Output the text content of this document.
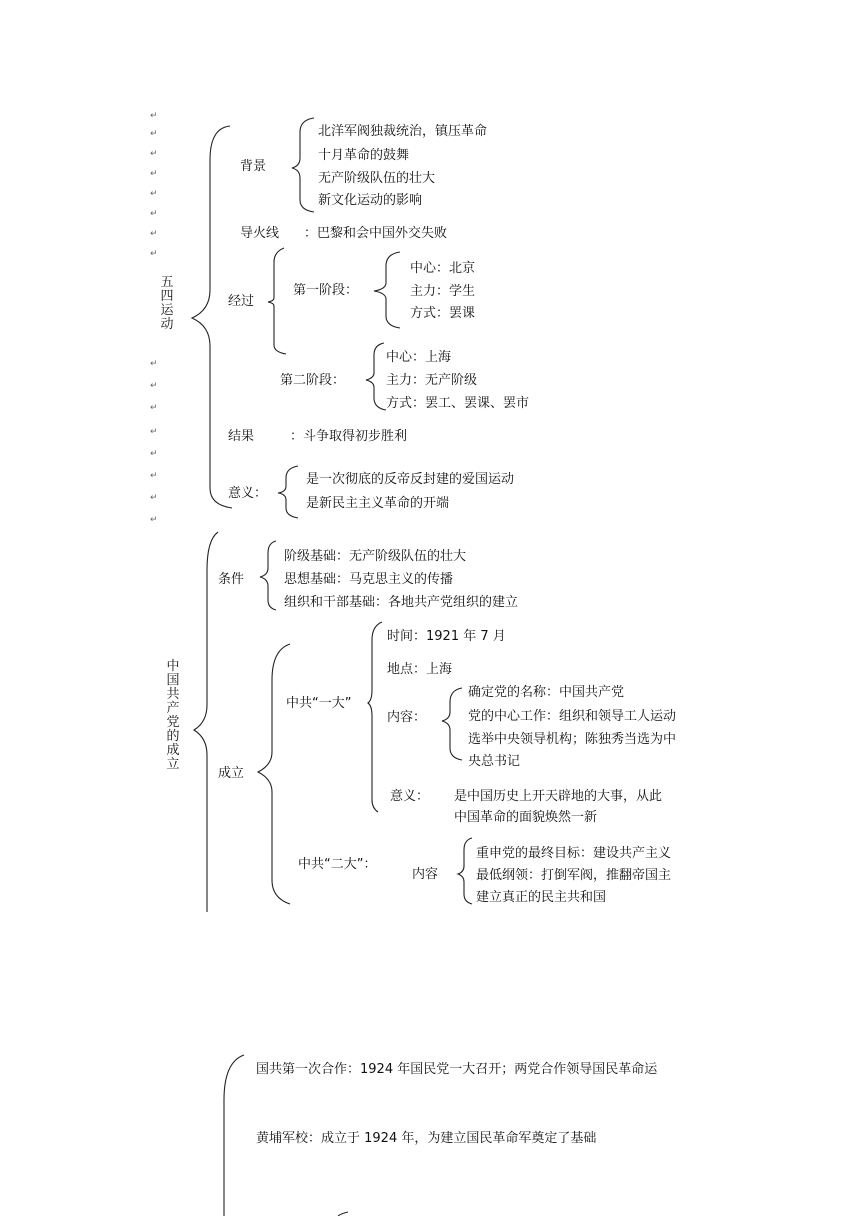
↵
↵
↵
↵
↵
↵
↵
↵
↵
↵
↵
↵
↵
↵
↵
↵
五四运动
背景
北洋军阀独裁统治，镇压革命
十月革命的鼓舞
无产阶级队伍的壮大
新文化运动的影响
导火线 ：巴黎和会中国外交失败
经过
第一阶段：
中心：北京
主力：学生
方式：罢课
第二阶段：
中心：上海
主力：无产阶级
方式：罢工、罢课、罢市
结果	：斗争取得初步胜利
意义：
是一次彻底的反帝反封建的爱国运动
是新民主主义革命的开端
中国共产党的成立
条件
阶级基础：无产阶级队伍的壮大
思想基础：马克思主义的传播
组织和干部基础：各地共产党组织的建立
成立
中共“一大”
时间：1921 年 7 月
地点：上海
内容：
确定党的名称：中国共产党
党的中心工作：组织和领导工人运动
选举中央领导机构；陈独秀当选为中
央总书记
意义： 是中国历史上开天辟地的大事，从此
中国革命的面貌焕然一新
中共“二大”：
内容
重申党的最终目标：建设共产主义
最低纲领：打倒军阀，推翻帝国主
建立真正的民主共和国
国共第一次合作：1924 年国民党一大召开；两党合作领导国民革命运
黄埔军校：成立于 1924 年，为建立国民革命军奠定了基础
